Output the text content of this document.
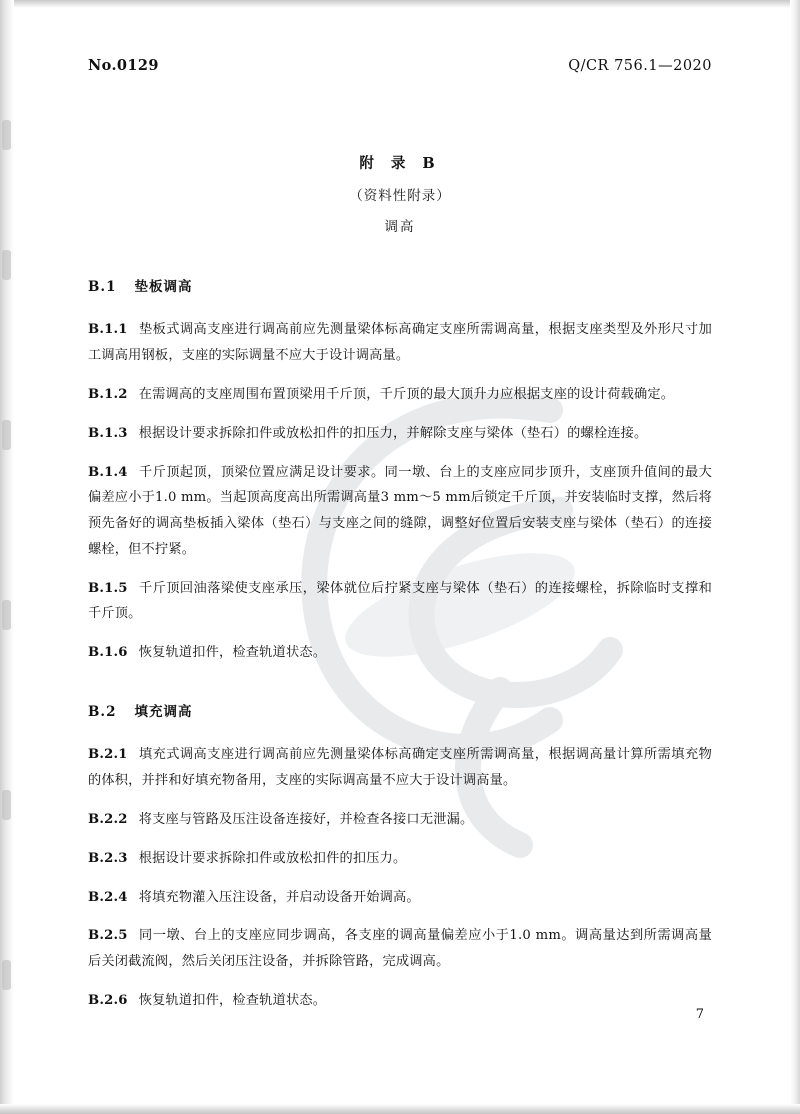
No.0129	Q/CR 756.1—2020
附 录 B
（资料性附录）
调高
B.1 垫板调高

B.1.1 垫板式调高支座进行调高前应先测量梁体标高确定支座所需调高量，根据支座类型及外形尺寸加工调高用钢板，支座的实际调量不应大于设计调高量。

B.1.2 在需调高的支座周围布置顶梁用千斤顶，千斤顶的最大顶升力应根据支座的设计荷载确定。

B.1.3 根据设计要求拆除扣件或放松扣件的扣压力，并解除支座与梁体（垫石）的螺栓连接。

B.1.4 千斤顶起顶，顶梁位置应满足设计要求。同一墩、台上的支座应同步顶升，支座顶升值间的最大偏差应小于1.0 mm。当起顶高度高出所需调高量3 mm～5 mm后锁定千斤顶，并安装临时支撑，然后将预先备好的调高垫板插入梁体（垫石）与支座之间的缝隙，调整好位置后安装支座与梁体（垫石）的连接螺栓，但不拧紧。

B.1.5 千斤顶回油落梁使支座承压，梁体就位后拧紧支座与梁体（垫石）的连接螺栓，拆除临时支撑和千斤顶。

B.1.6 恢复轨道扣件，检查轨道状态。

B.2 填充调高

B.2.1 填充式调高支座进行调高前应先测量梁体标高确定支座所需调高量，根据调高量计算所需填充物的体积，并拌和好填充物备用，支座的实际调高量不应大于设计调高量。

B.2.2 将支座与管路及压注设备连接好，并检查各接口无泄漏。

B.2.3 根据设计要求拆除扣件或放松扣件的扣压力。

B.2.4 将填充物灌入压注设备，并启动设备开始调高。

B.2.5 同一墩、台上的支座应同步调高，各支座的调高量偏差应小于1.0 mm。调高量达到所需调高量后关闭截流阀，然后关闭压注设备，并拆除管路，完成调高。

B.2.6 恢复轨道扣件，检查轨道状态。

7
